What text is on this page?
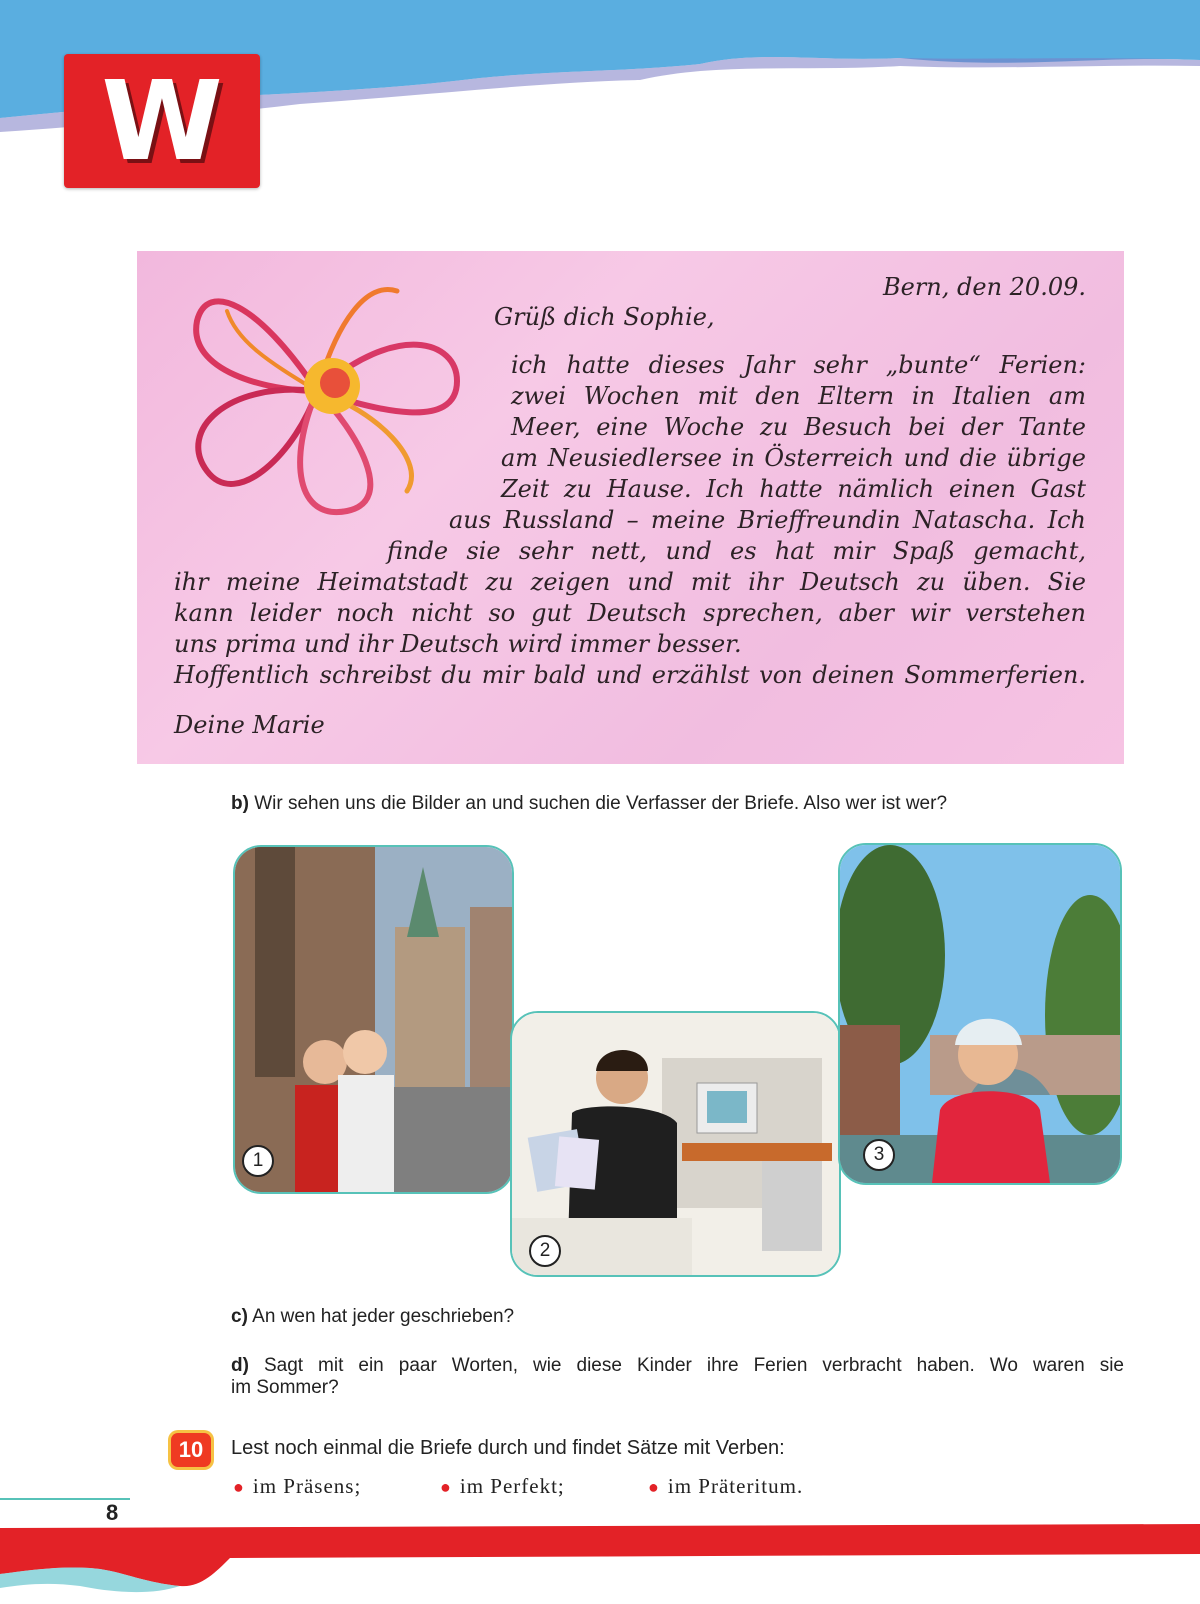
W
Bern, den 20.09.
Grüß dich Sophie,
ich hatte dieses Jahr sehr „bunte“ Ferien:
zwei Wochen mit den Eltern in Italien am
Meer, eine Woche zu Besuch bei der Tante
am Neusiedlersee in Österreich und die übrige
Zeit zu Hause. Ich hatte nämlich einen Gast
aus Russland – meine Brieffreundin Natascha. Ich
finde sie sehr nett, und es hat mir Spaß gemacht,
ihr meine Heimatstadt zu zeigen und mit ihr Deutsch zu üben. Sie
kann leider noch nicht so gut Deutsch sprechen, aber wir verstehen
uns prima und ihr Deutsch wird immer besser.
Hoffentlich schreibst du mir bald und erzählst von deinen Sommerferien.
Deine Marie
b) Wir sehen uns die Bilder an und suchen die Verfasser der Briefe. Also wer ist wer?
1
2
3
c) An wen hat jeder geschrieben?
d) Sagt mit ein paar Worten, wie diese Kinder ihre Ferien verbracht haben. Wo waren sie
im Sommer?
10	Lest noch einmal die Briefe durch und findet Sätze mit Verben:
● im Präsens;	● im Perfekt;	● im Präteritum.
8
